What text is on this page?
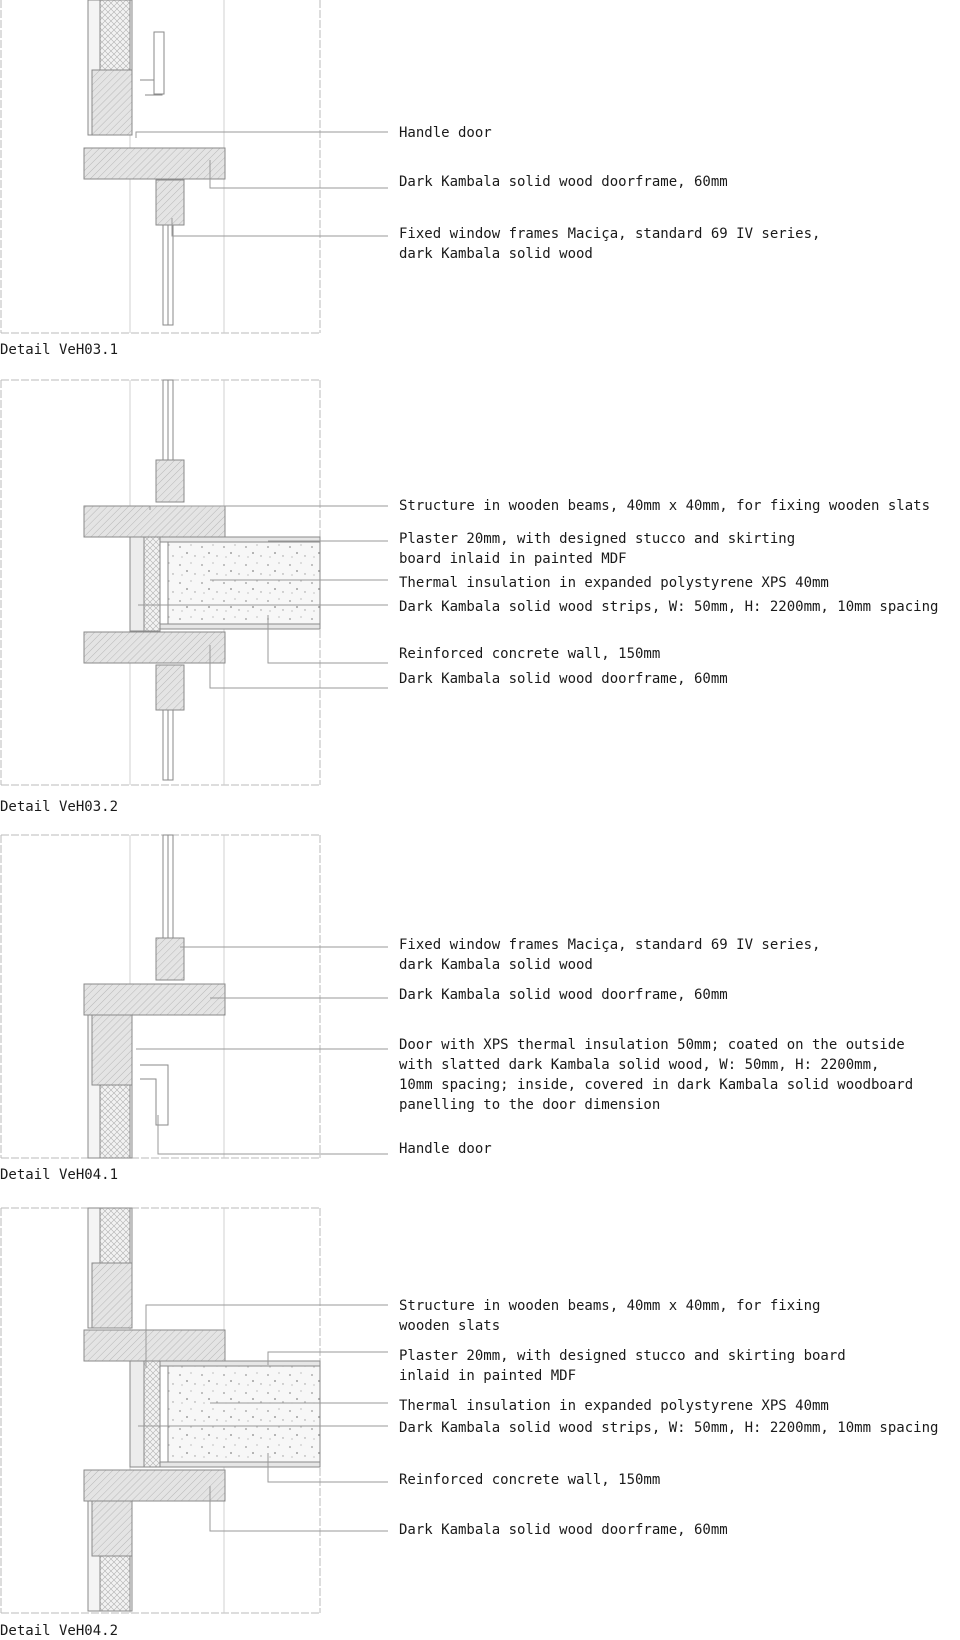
Handle door
Dark Kambala solid wood doorframe, 60mm
Fixed window frames Maciça, standard 69 IV series,
dark Kambala solid wood
Detail VeH03.1
Structure in wooden beams, 40mm x 40mm, for fixing wooden slats
Plaster 20mm, with designed stucco and skirting
board inlaid in painted MDF
Thermal insulation in expanded polystyrene XPS 40mm
Dark Kambala solid wood strips, W: 50mm, H: 2200mm, 10mm spacing
Reinforced concrete wall, 150mm
Dark Kambala solid wood doorframe, 60mm
Detail VeH03.2
Fixed window frames Maciça, standard 69 IV series,
dark Kambala solid wood
Dark Kambala solid wood doorframe, 60mm
Door with XPS thermal insulation 50mm; coated on the outside
with slatted dark Kambala solid wood, W: 50mm, H: 2200mm,
10mm spacing; inside, covered in dark Kambala solid woodboard
panelling to the door dimension
Handle door
Detail VeH04.1
Structure in wooden beams, 40mm x 40mm, for fixing
wooden slats
Plaster 20mm, with designed stucco and skirting board
inlaid in painted MDF
Thermal insulation in expanded polystyrene XPS 40mm
Dark Kambala solid wood strips, W: 50mm, H: 2200mm, 10mm spacing
Reinforced concrete wall, 150mm
Dark Kambala solid wood doorframe, 60mm
Detail VeH04.2
